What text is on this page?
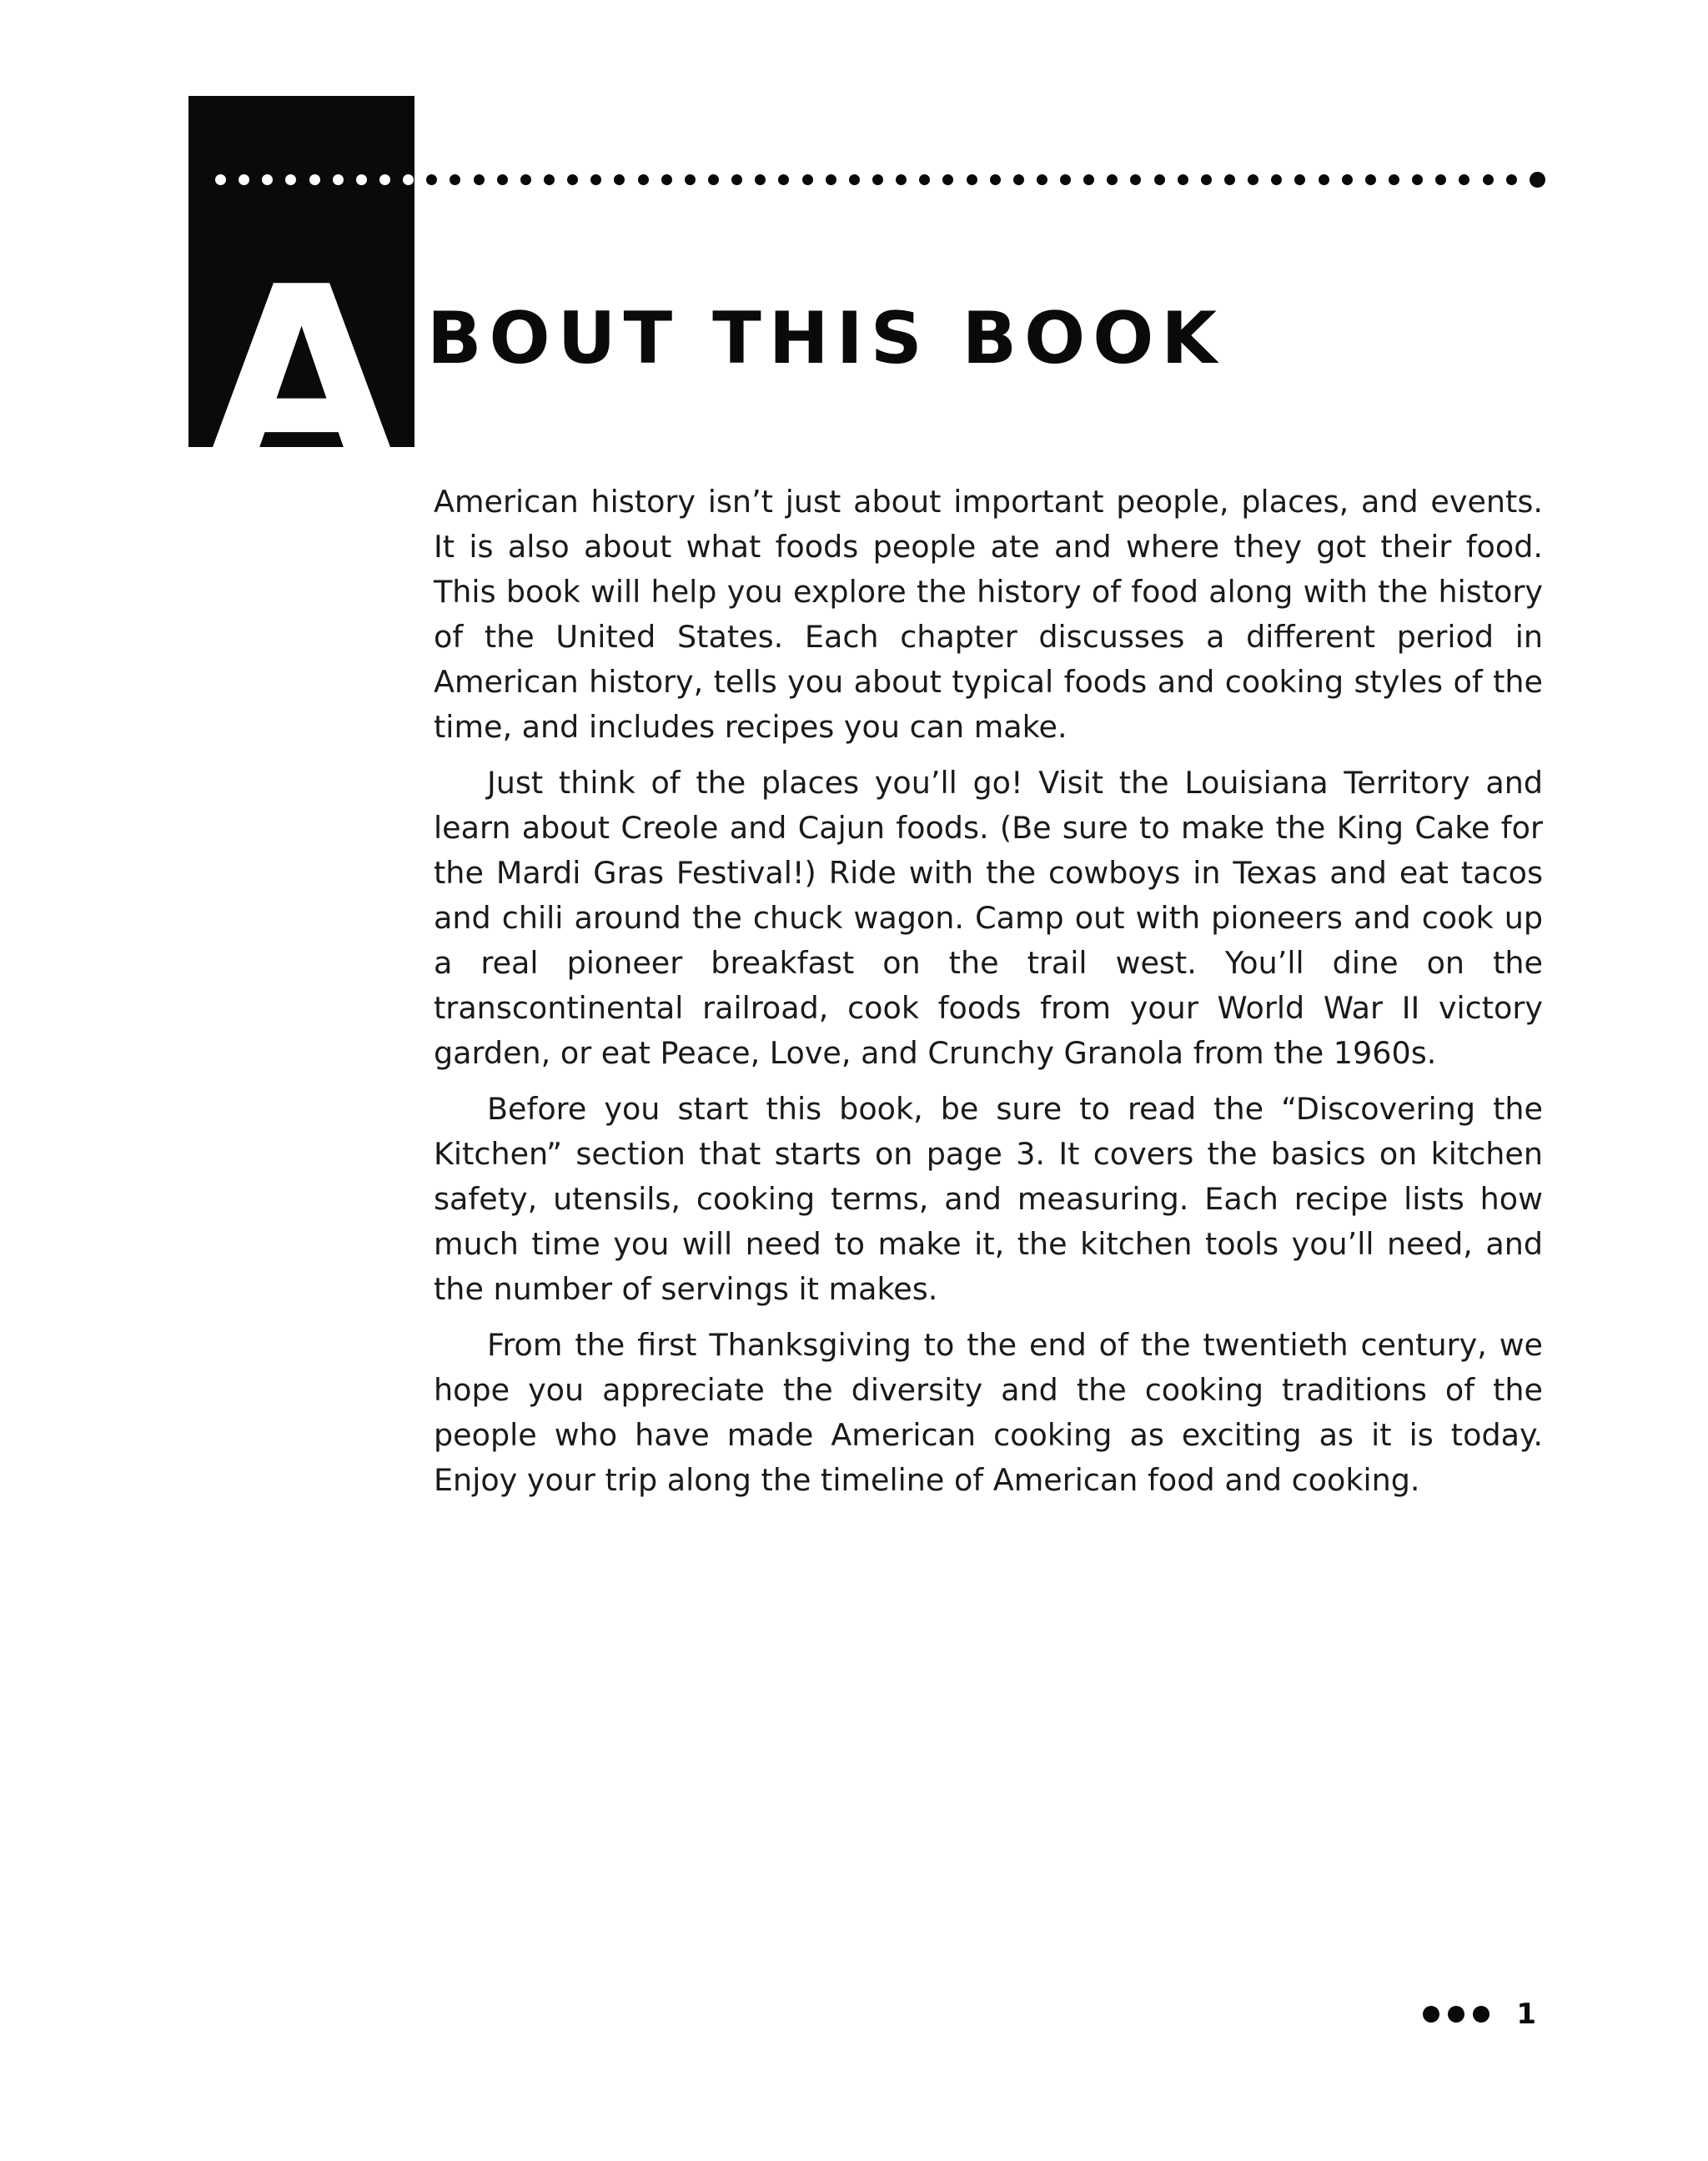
A BOUT THIS BOOK

American history isn’t just about important people, places, and events. It is also about what foods people ate and where they got their food. This book will help you explore the history of food along with the history of the United States. Each chapter discusses a different period in American history, tells you about typical foods and cooking styles of the time, and includes recipes you can make.

Just think of the places you’ll go! Visit the Louisiana Territory and learn about Creole and Cajun foods. (Be sure to make the King Cake for the Mardi Gras Festival!) Ride with the cowboys in Texas and eat tacos and chili around the chuck wagon. Camp out with pioneers and cook up a real pioneer breakfast on the trail west. You’ll dine on the transcontinental railroad, cook foods from your World War II victory garden, or eat Peace, Love, and Crunchy Granola from the 1960s.

Before you start this book, be sure to read the “Discovering the Kitchen” section that starts on page 3. It covers the basics on kitchen safety, utensils, cooking terms, and measuring. Each recipe lists how much time you will need to make it, the kitchen tools you’ll need, and the number of servings it makes.

From the first Thanksgiving to the end of the twentieth century, we hope you appreciate the diversity and the cooking traditions of the people who have made American cooking as exciting as it is today. Enjoy your trip along the timeline of American food and cooking.

1
